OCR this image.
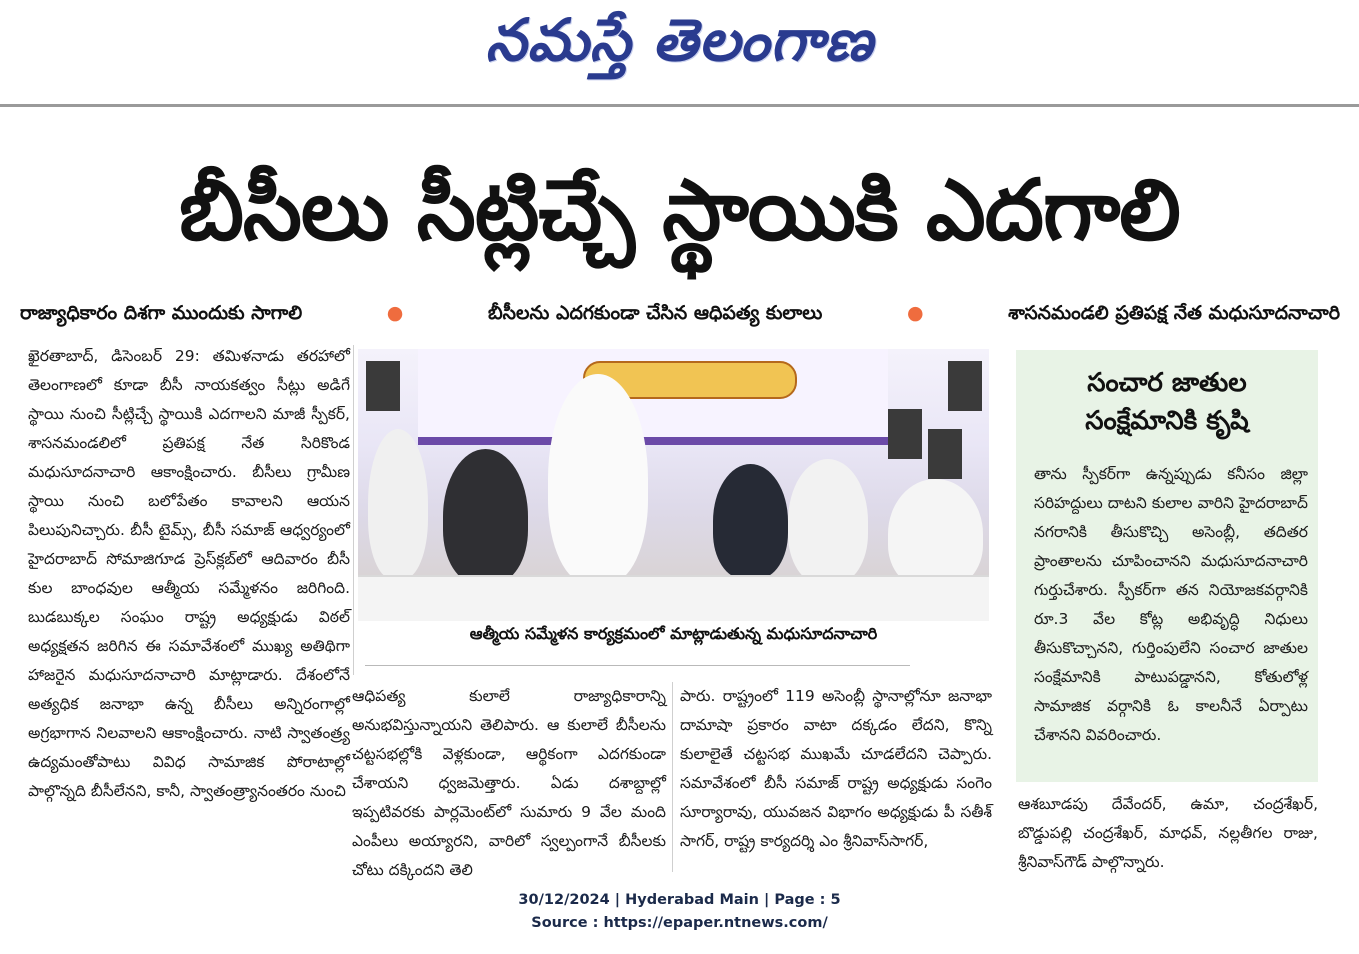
నమస్తే తెలంగాణ
బీసీలు సీట్లిచ్చే స్థాయికి ఎదగాలి
రాజ్యాధికారం దిశగా ముందుకు సాగాలి	●	బీసీలను ఎదగకుండా చేసిన ఆధిపత్య కులాలు	●	శాసనమండలి ప్రతిపక్ష నేత మధుసూదనాచారి

ఖైరతాబాద్, డిసెంబర్ 29: తమిళనాడు తరహాలో తెలంగాణలో కూడా బీసీ నాయకత్వం సీట్లు అడిగే స్థాయి నుంచి సీట్లిచ్చే స్థాయికి ఎదగాలని మాజీ స్పీకర్, శాసనమండలిలో ప్రతిపక్ష నేత సిరికొండ మధుసూదనాచారి ఆకాంక్షించారు. బీసీలు గ్రామీణ స్థాయి నుంచి బలోపేతం కావాలని ఆయన పిలుపునిచ్చారు. బీసీ టైమ్స్, బీసీ సమాజ్ ఆధ్వర్యంలో హైదరాబాద్ సోమాజిగూడ ప్రెస్‌క్లబ్‌లో ఆదివారం బీసీ కుల బాంధవుల ఆత్మీయ సమ్మేళనం జరిగింది. బుడబుక్కల సంఘం రాష్ట్ర అధ్యక్షుడు విఠల్ అధ్యక్షతన జరిగిన ఈ సమావేశంలో ముఖ్య అతిథిగా హాజరైన మధుసూదనాచారి మాట్లాడారు. దేశంలోనే అత్యధిక జనాభా ఉన్న బీసీలు అన్నిరంగాల్లో అగ్రభాగాన నిలవాలని ఆకాంక్షించారు. నాటి స్వాతంత్ర్య ఉద్యమంతోపాటు వివిధ సామాజిక పోరాటాల్లో పాల్గొన్నది బీసీలేనని, కానీ, స్వాతంత్ర్యానంతరం నుంచి

ఆత్మీయ సమ్మేళన కార్యక్రమంలో మాట్లాడుతున్న మధుసూదనాచారి

ఆధిపత్య కులాలే రాజ్యాధికారాన్ని అనుభవిస్తున్నాయని తెలిపారు. ఆ కులాలే బీసీలను చట్టసభల్లోకి వెళ్లకుండా, ఆర్థికంగా ఎదగకుండా చేశాయని ధ్వజమెత్తారు. ఏడు దశాబ్దాల్లో ఇప్పటివరకు పార్లమెంట్‌లో సుమారు 9 వేల మంది ఎంపీలు అయ్యారని, వారిలో స్వల్పంగానే బీసీలకు చోటు దక్కిందని తెలి

పారు. రాష్ట్రంలో 119 అసెంబ్లీ స్థానాల్లోనూ జనాభా దామాషా ప్రకారం వాటా దక్కడం లేదని, కొన్ని కులాలైతే చట్టసభ ముఖమే చూడలేదని చెప్పారు. సమావేశంలో బీసీ సమాజ్ రాష్ట్ర అధ్యక్షుడు సంగెం సూర్యారావు, యువజన విభాగం అధ్యక్షుడు పీ సతీశ్ సాగర్, రాష్ట్ర కార్యదర్శి ఎం శ్రీనివాస్‌సాగర్,

సంచార జాతుల
సంక్షేమానికి కృషి
తాను స్పీకర్‌గా ఉన్నప్పుడు కనీసం జిల్లా సరిహద్దులు దాటని కులాల వారిని హైదరాబాద్ నగరానికి తీసుకొచ్చి అసెంబ్లీ, తదితర ప్రాంతాలను చూపించానని మధుసూదనాచారి గుర్తుచేశారు. స్పీకర్‌గా తన నియోజకవర్గానికి రూ.3 వేల కోట్ల అభివృద్ధి నిధులు తీసుకొచ్చానని, గుర్తింపులేని సంచార జాతుల సంక్షేమానికి పాటుపడ్డానని, కోతులోళ్ల సామాజిక వర్గానికి ఓ కాలనీనే ఏర్పాటు చేశానని వివరించారు.

ఆశబూడపు దేవేందర్, ఉమా, చంద్రశేఖర్, బొడ్డుపల్లి చంద్రశేఖర్, మాధవ్, నల్లతీగల రాజు, శ్రీనివాస్‌గౌడ్ పాల్గొన్నారు.

30/12/2024 | Hyderabad Main | Page : 5
Source : https://epaper.ntnews.com/
